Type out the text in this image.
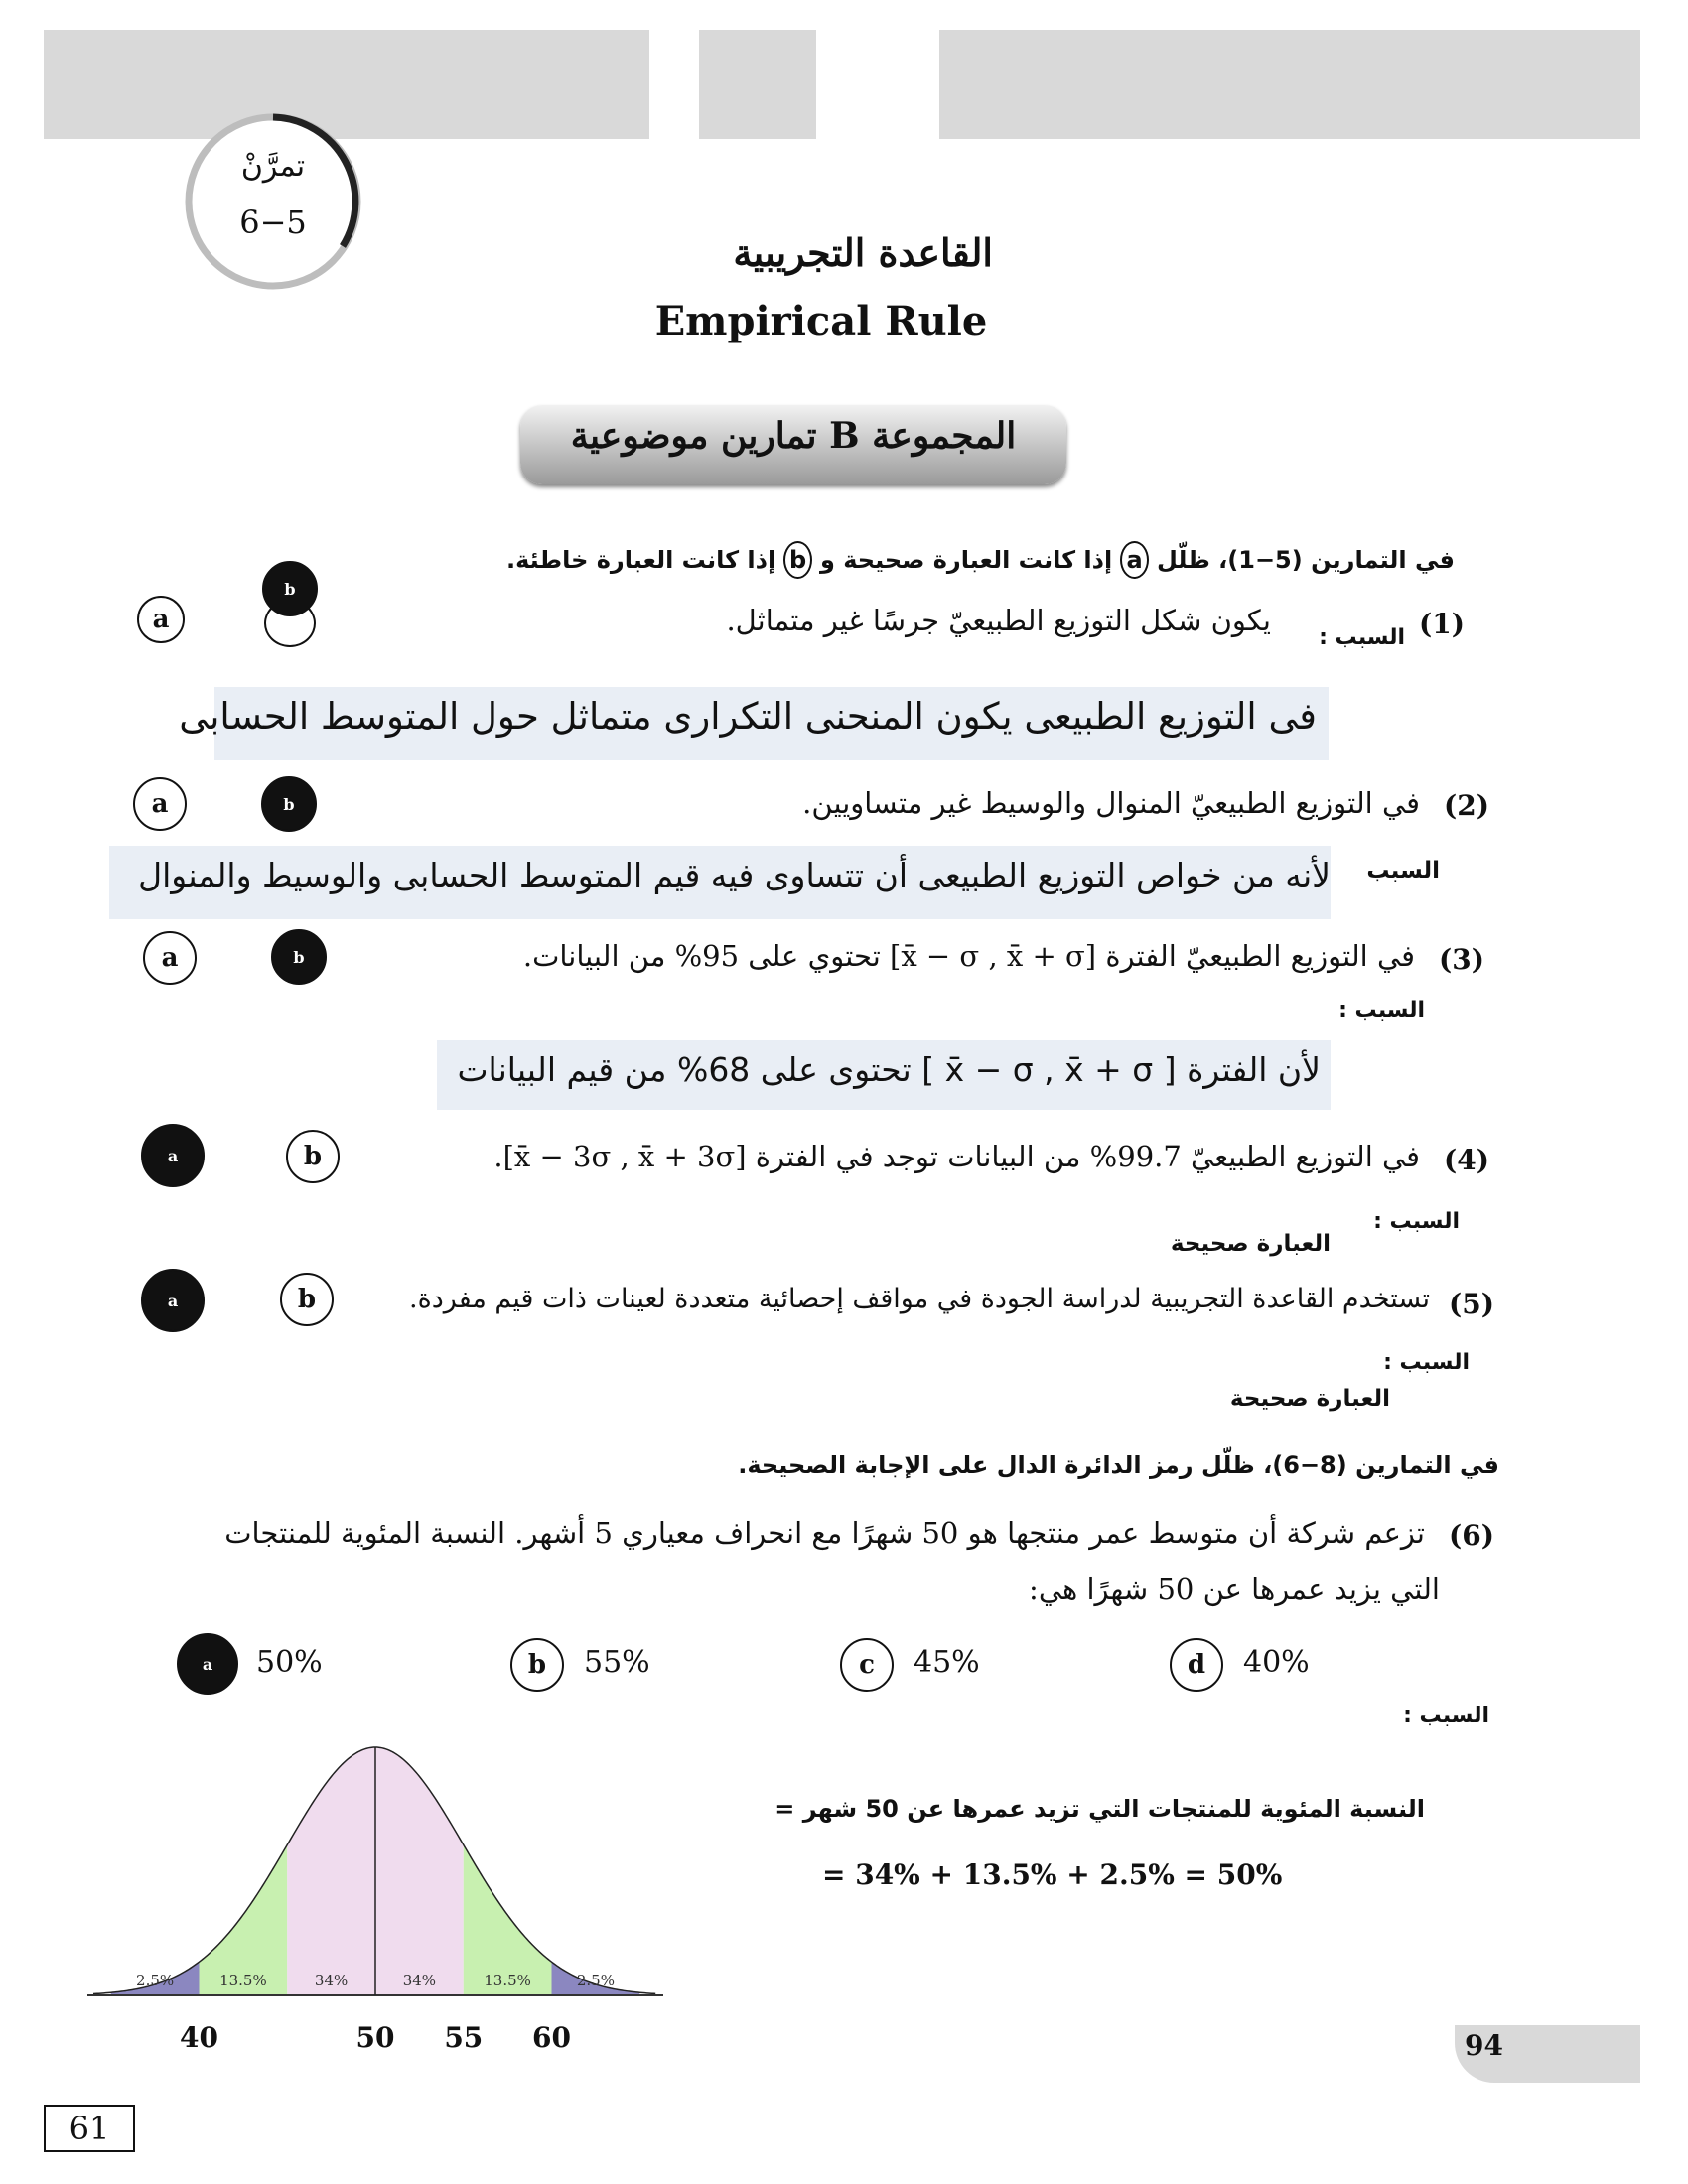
تمرَّنْ
6−5
القاعدة التجريبية
Empirical Rule
المجموعة B تمارين موضوعية
في التمارين (5−1)، ظلّل
a
إذا كانت العبارة صحيحة و
b
إذا كانت العبارة خاطئة.
a
b
(1)
السبب :
يكون شكل التوزيع الطبيعيّ جرسًا غير متماثل.
فى التوزيع الطبيعى يكون المنحنى التكرارى متماثل حول المتوسط الحسابى
a	b	(2)
في التوزيع الطبيعيّ المنوال والوسيط غير متساويين.
السبب
لأنه من خواص التوزيع الطبيعى أن تتساوى فيه قيم المتوسط الحسابى والوسيط والمنوال
a	b	(3)
في التوزيع الطبيعيّ الفترة [x̄ − σ , x̄ + σ] تحتوي على 95% من البيانات.
السبب :
لأن الفترة [ x̄ − σ , x̄ + σ ] تحتوى على 68% من قيم البيانات
a	b	(4)
في التوزيع الطبيعيّ 99.7% من البيانات توجد في الفترة [x̄ − 3σ , x̄ + 3σ].
السبب :
العبارة صحيحة
a	b	(5)
تستخدم القاعدة التجريبية لدراسة الجودة في مواقف إحصائية متعددة لعينات ذات قيم مفردة.
السبب :
العبارة صحيحة
في التمارين (8−6)، ظلّل رمز الدائرة الدال على الإجابة الصحيحة.
(6)
تزعم شركة أن متوسط عمر منتجها هو 50 شهرًا مع انحراف معياري 5 أشهر. النسبة المئوية للمنتجات
التي يزيد عمرها عن 50 شهرًا هي:
a	50%	b	55%	c	45%	d	40%
السبب :
2.5%	13.5%	34%	34%	13.5%	2.5%
40	50 55 60
النسبة المئوية للمنتجات التي تزيد عمرها عن 50 شهر =
= 34% + 13.5% + 2.5% = 50%
94
61
